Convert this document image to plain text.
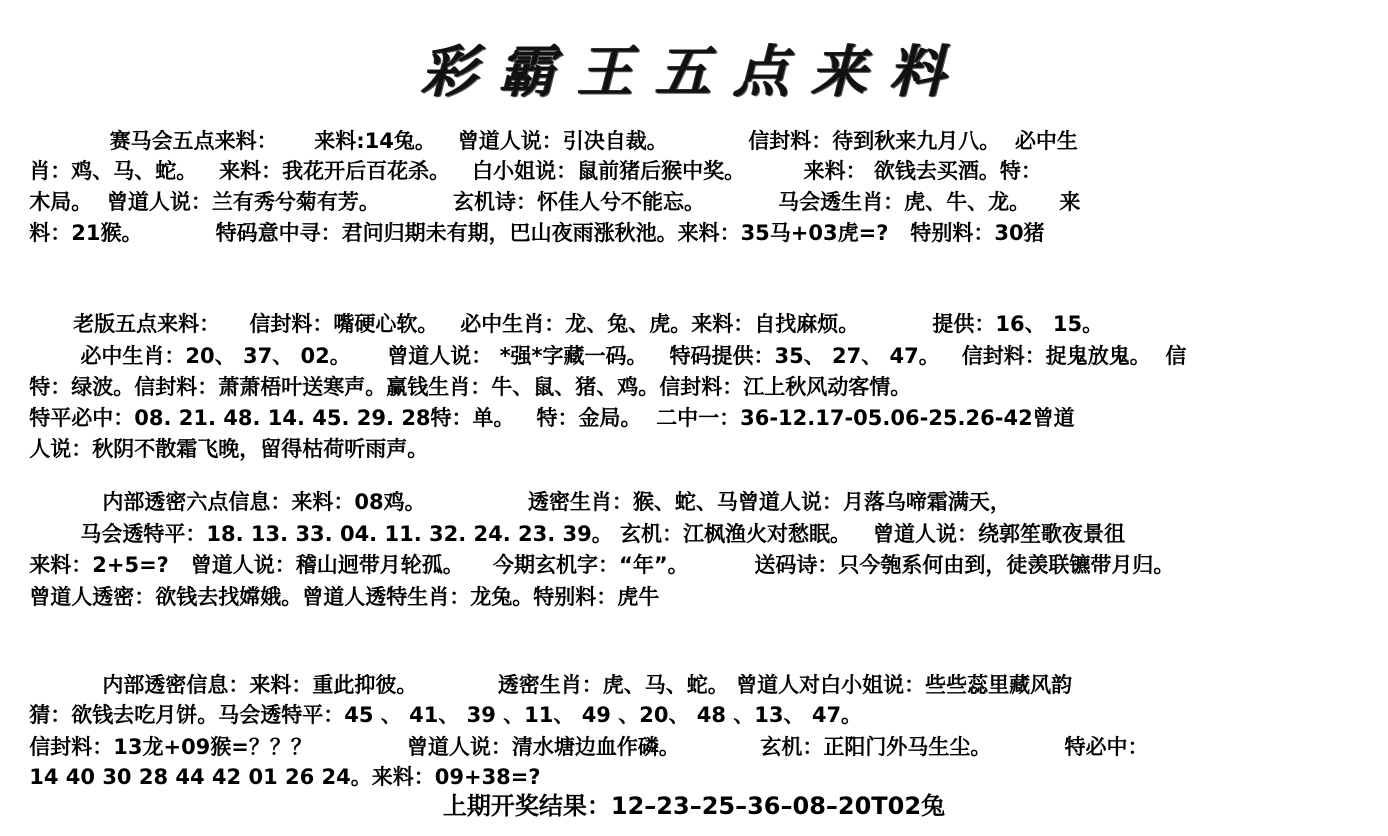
彩霸王五点来料
赛马会五点来料：     来料:14兔。   曾道人说：引决自裁。           信封料：待到秋来九月八。  必中生
肖：鸡、马、蛇。   来料：我花开后百花杀。   白小姐说：鼠前猪后猴中奖。        来料： 欲钱去买酒。特：
木局。  曾道人说：兰有秀兮菊有芳。          玄机诗：怀佳人兮不能忘。          马会透生肖：虎、牛、龙。    来
料：21猴。          特码意中寻：君问归期未有期，巴山夜雨涨秋池。来料：35马+03虎=?   特别料：30猪
老版五点来料：    信封料：嘴硬心软。   必中生肖：龙、兔、虎。来料：自找麻烦。          提供：16、 15。
必中生肖：20、 37、 02。     曾道人说： *强*字藏一码。   特码提供：35、 27、 47。   信封料：捉鬼放鬼。  信
特：绿波。信封料：萧萧梧叶送寒声。赢钱生肖：牛、鼠、猪、鸡。信封料：江上秋风动客情。
特平必中：08. 21. 48. 14. 45. 29. 28特：单。   特：金局。  二中一：36-12.17-05.06-25.26-42曾道
人说：秋阴不散霜飞晚，留得枯荷听雨声。
内部透密六点信息：来料：08鸡。              透密生肖：猴、蛇、马曾道人说：月落乌啼霜满天，
马会透特平：18. 13. 33. 04. 11. 32. 24. 23. 39。 玄机：江枫渔火对愁眠。   曾道人说：绕郭笙歌夜景徂
来料：2+5=?   曾道人说：稽山迥带月轮孤。    今期玄机字：“年”。         送码诗：只今匏系何由到，徒羡联镳带月归。
曾道人透密：欲钱去找嫦娥。曾道人透特生肖：龙兔。特别料：虎牛
内部透密信息：来料：重此抑彼。           透密生肖：虎、马、蛇。 曾道人对白小姐说：些些蕊里藏风韵
猜：欲钱去吃月饼。马会透特平：45 、 41、 39 、11、 49 、20、 48 、13、 47。
信封料：13龙+09猴=？？？             曾道人说：清水塘边血作磷。           玄机：正阳门外马生尘。          特必中：
14 40 30 28 44 42 01 26 24。来料：09+38=?
上期开奖结果：12–23–25–36–08–20T02兔
